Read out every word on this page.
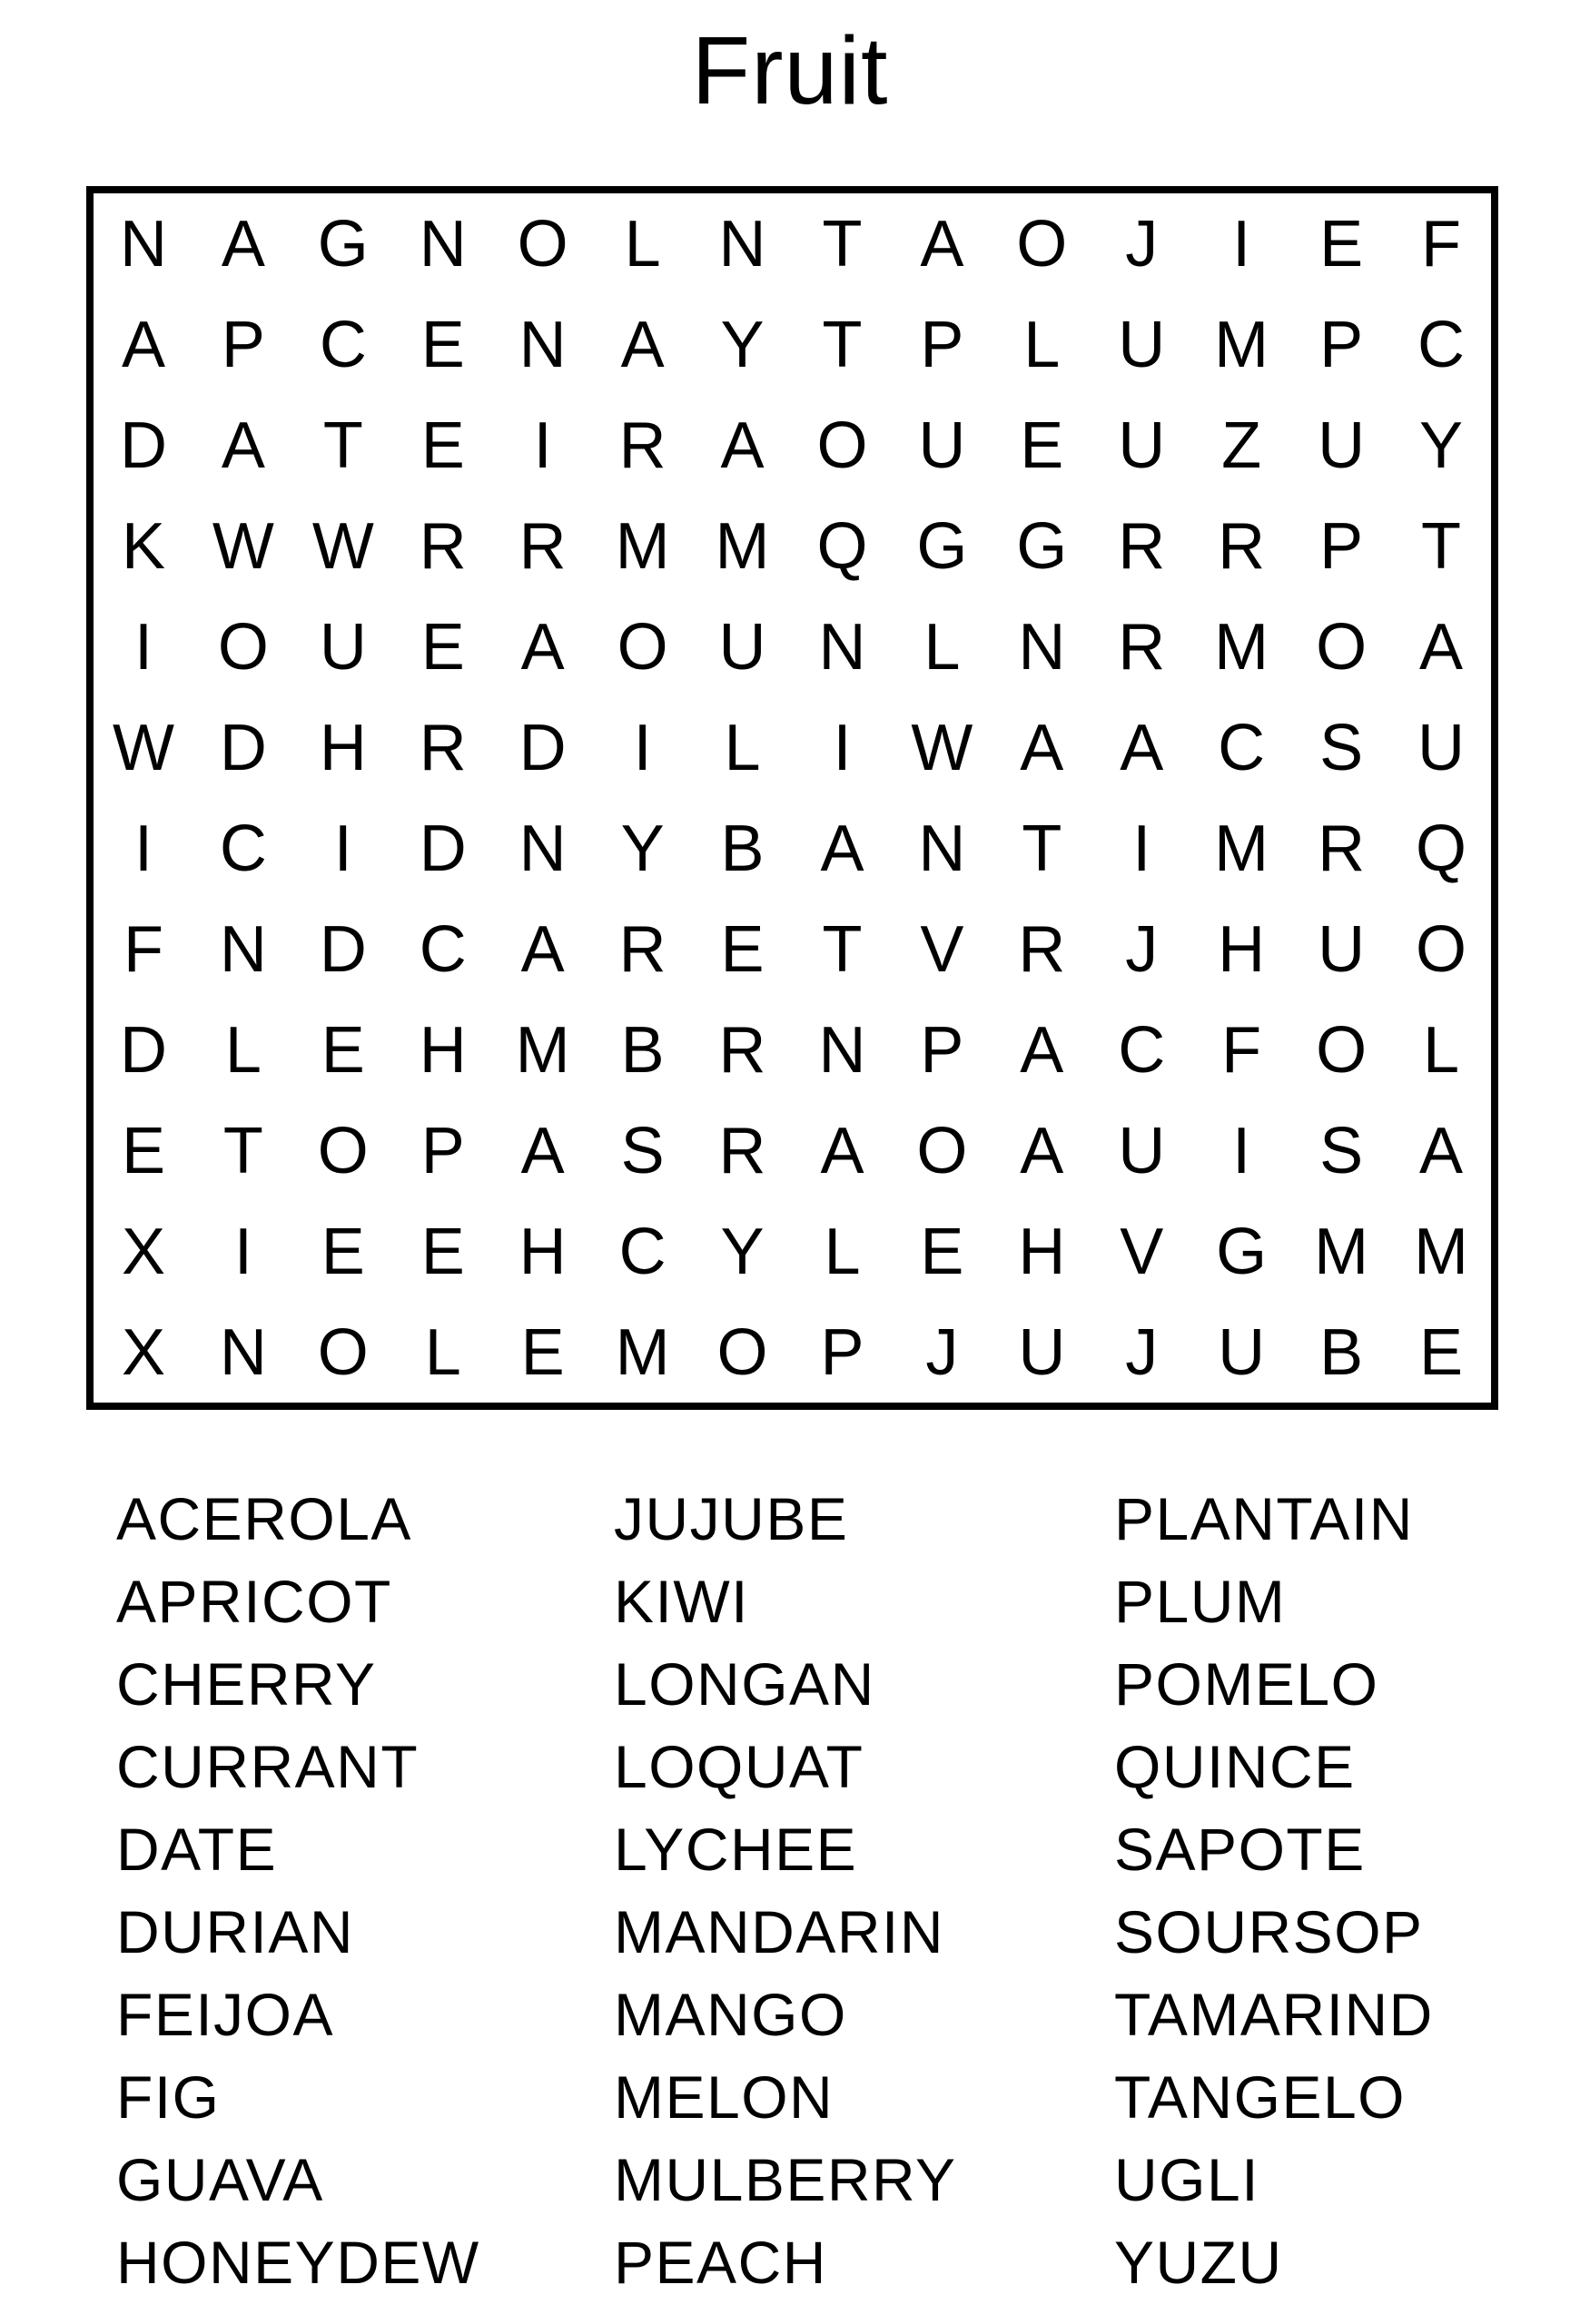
Fruit
N A G N O L N T A O J	I	E F
A P C E N A Y T P L U M P C
D A T E	I	R A O U E U Z U Y
K W W R R M M Q G G R R P T
I O U E A O U N L N R M O A
W D H R D	I	L	I W A A C S U
I	C	I	D N Y B A N T	I M R Q
F N D C A R E T V R J H U O
D L E H M B R N P A C F O L
E T O P A S R A O A U	I	S A
X	I	E E H C Y L E H V G M M
X N O L E M O P J U J U B E
ACEROLA
APRICOT
CHERRY
CURRANT
DATE
DURIAN
FEIJOA
FIG
GUAVA
HONEYDEW
JUJUBE
KIWI
LONGAN
LOQUAT
LYCHEE
MANDARIN
MANGO
MELON
MULBERRY
PEACH
PLANTAIN
PLUM
POMELO
QUINCE
SAPOTE
SOURSOP
TAMARIND
TANGELO
UGLI
YUZU
